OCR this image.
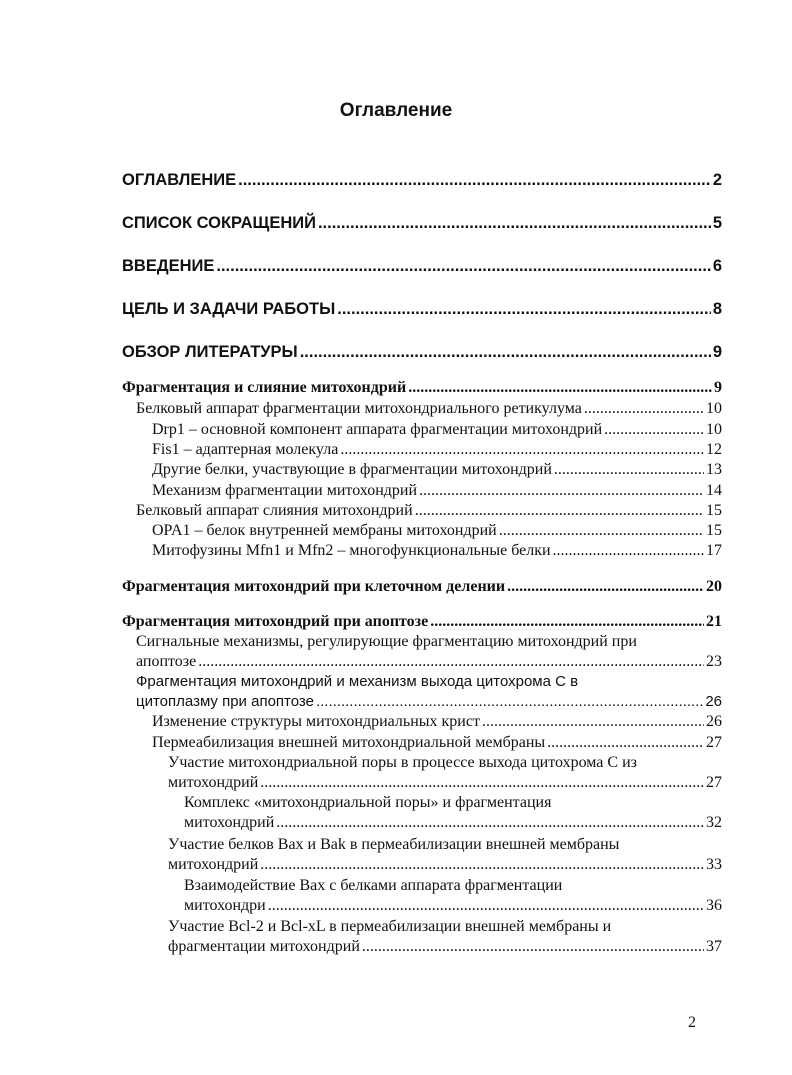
Оглавление
ОГЛАВЛЕНИЕ .....	2
СПИСОК СОКРАЩЕНИЙ .....	5
ВВЕДЕНИЕ .....	6
ЦЕЛЬ И ЗАДАЧИ РАБОТЫ .....	8
ОБЗОР ЛИТЕРАТУРЫ .....	9
Фрагментация и слияние митохондрий .....	9
Белковый аппарат фрагментации митохондриального ретикулума .....	10
Drp1 – основной компонент аппарата фрагментации митохондрий .....	10
Fis1 – адаптерная молекула .....	12
Другие белки, участвующие в фрагментации митохондрий .....	13
Механизм фрагментации митохондрий .....	14
Белковый аппарат слияния митохондрий .....	15
OPA1 – белок внутренней мембраны митохондрий .....	15
Митофузины Mfn1 и Mfn2 – многофункциональные белки .....	17
Фрагментация митохондрий при клеточном делении .....	20
Фрагментация митохондрий при апоптозе .....	21
Сигнальные механизмы, регулирующие фрагментацию митохондрий при
апоптозе .....	23
Фрагментация митохондрий и механизм выхода цитохрома С в
цитоплазму при апоптозе .....	26
Изменение структуры митохондриальных крист .....	26
Пермеабилизация внешней митохондриальной мембраны .....	27
Участие митохондриальной поры в процессе выхода цитохрома С из
митохондрий .....	27
Комплекс «митохондриальной поры» и фрагментация
митохондрий .....	32
Участие белков Bax и Bak в пермеабилизации внешней мембраны
митохондрий .....	33
Взаимодействие Bax с белками аппарата фрагментации
митохондри .....	36
Участие Bcl-2 и Bcl-xL в пермеабилизации внешней мембраны и
фрагментации митохондрий .....	37
2
